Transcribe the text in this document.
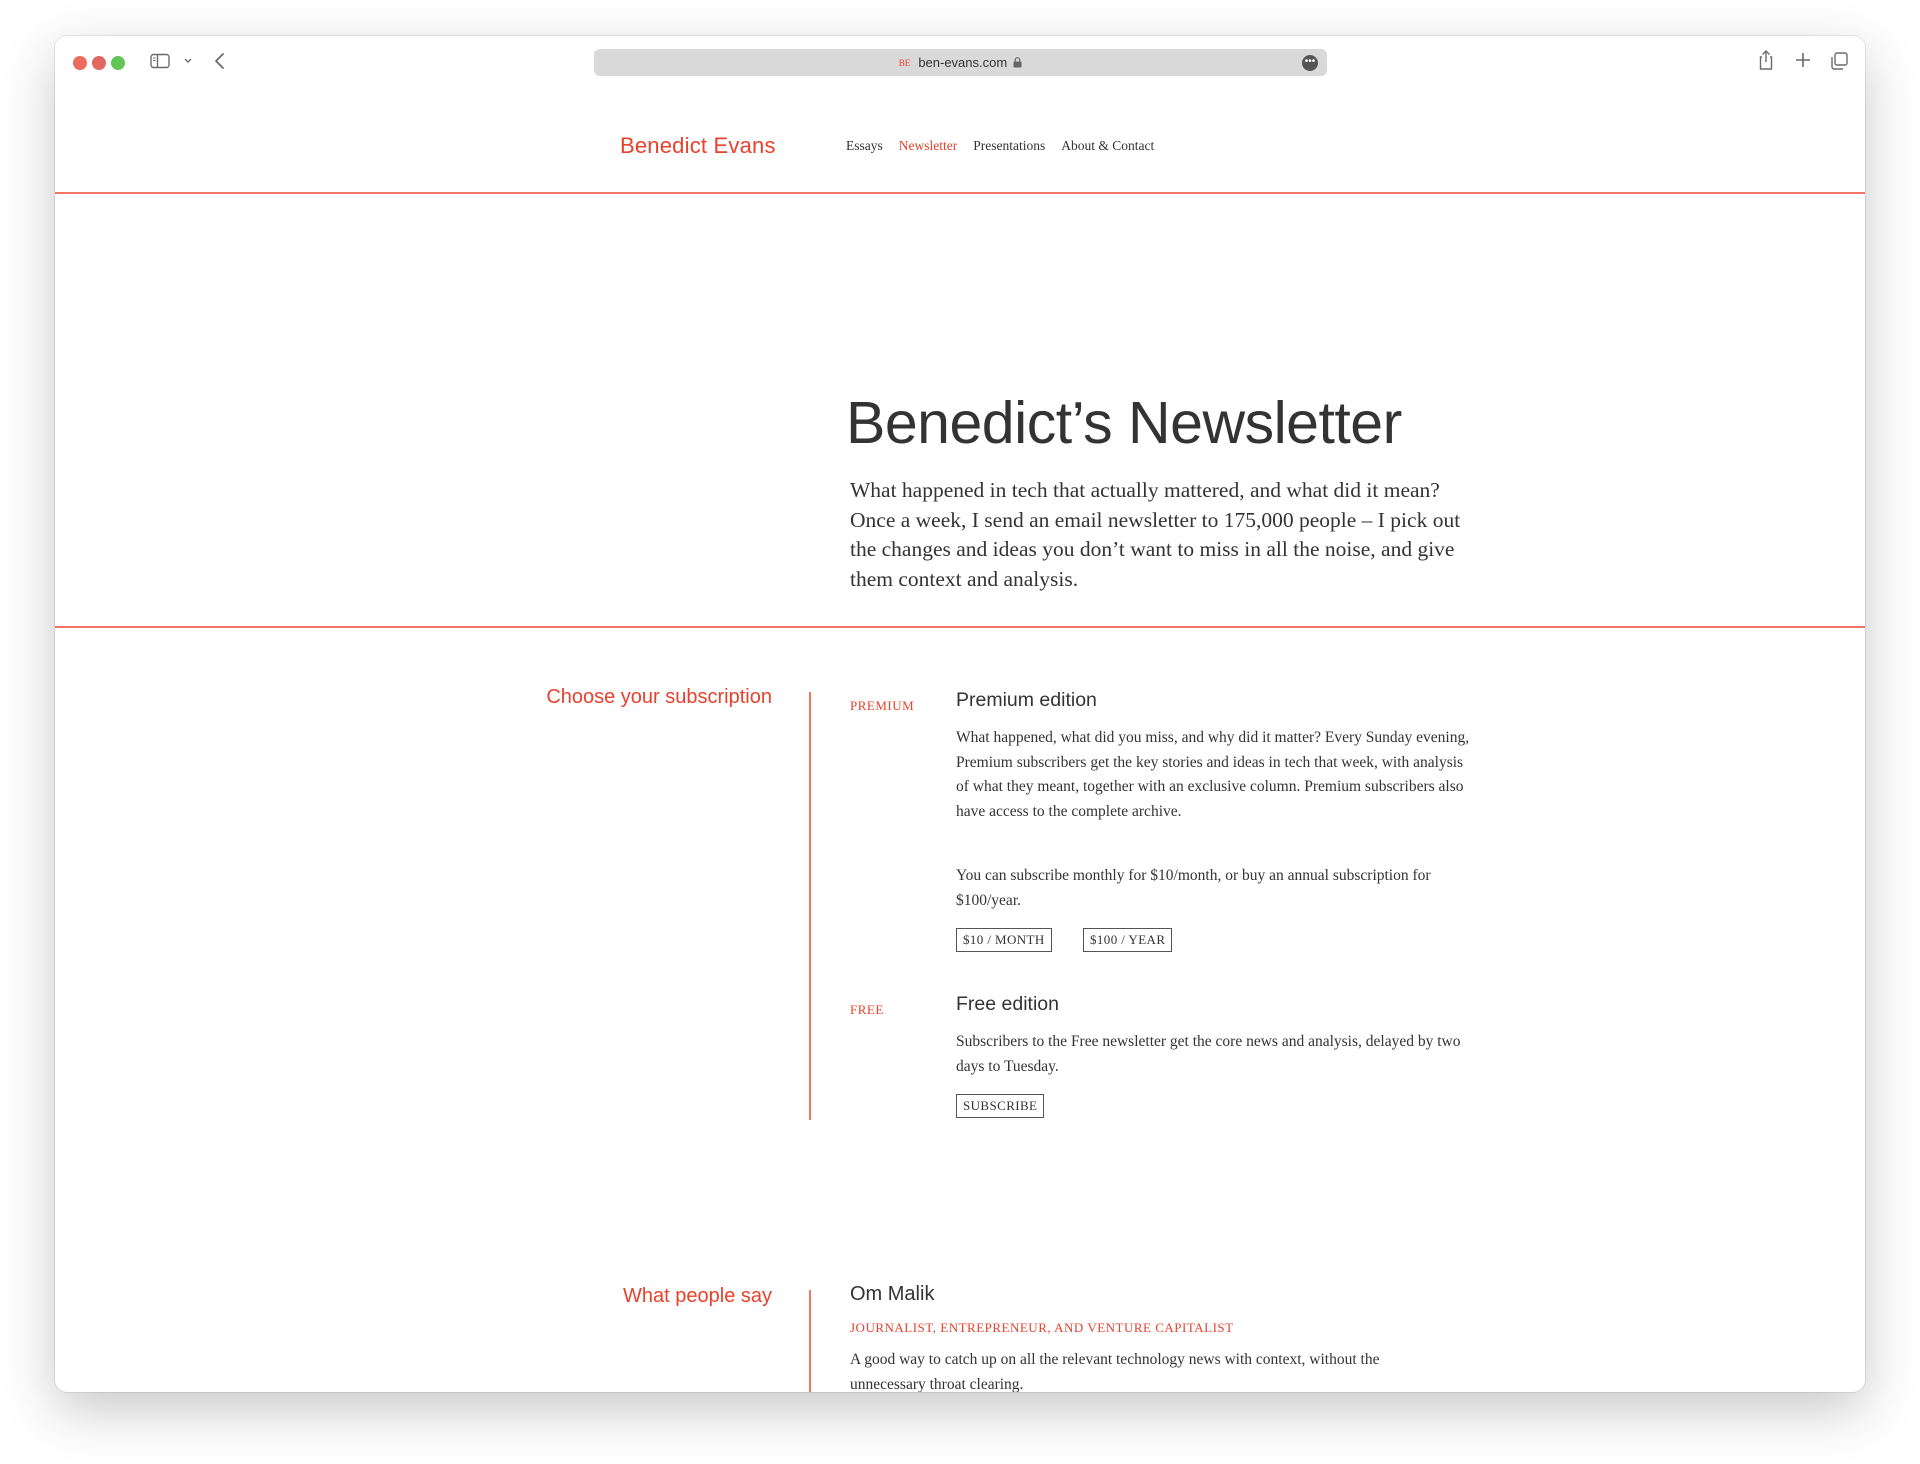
BE ben-evans.com	•••
Benedict Evans	Essays Newsletter Presentations About & Contact
Benedict’s Newsletter

What happened in tech that actually mattered, and what did it mean? Once a week, I send an email newsletter to 175,000 people – I pick out the changes and ideas you don’t want to miss in all the noise, and give them context and analysis.

Choose your subscription	PREMIUM Premium edition
What happened, what did you miss, and why did it matter? Every Sunday evening, Premium subscribers get the key stories and ideas in tech that week, with analysis of what they meant, together with an exclusive column. Premium subscribers also have access to the complete archive.
You can subscribe monthly for $10/month, or buy an annual subscription for $100/year.
$10 / MONTH	$100 / YEAR
FREE	Free edition
Subscribers to the Free newsletter get the core news and analysis, delayed by two days to Tuesday.
SUBSCRIBE
What people say	Om Malik
JOURNALIST, ENTREPRENEUR, AND VENTURE CAPITALIST
A good way to catch up on all the relevant technology news with context, without the unnecessary throat clearing.
